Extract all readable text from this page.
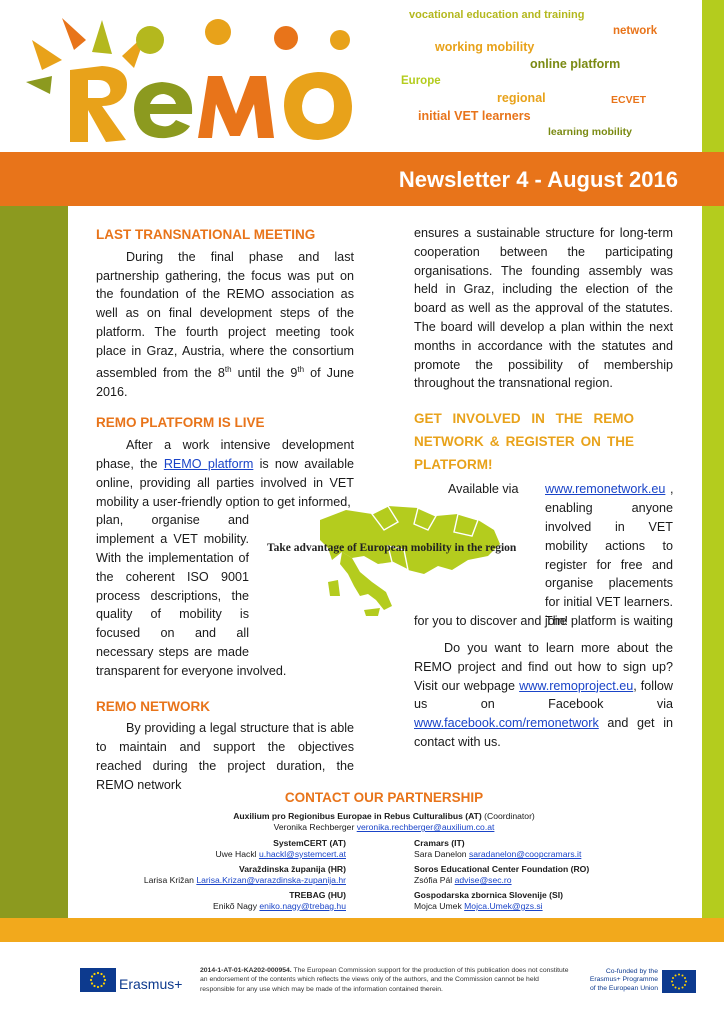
Newsletter 4 - August 2016
vocational education and training
network
working mobility
online platform
Europe
regional	ECVET
initial VET learners
learning mobility
LAST TRANSNATIONAL MEETING

During the final phase and last partnership gathering, the focus was put on the foundation of the REMO association as well as on final development steps of the platform. The fourth project meeting took place in Graz, Austria, where the consortium assembled from the 8th until the 9th of June 2016.

REMO PLATFORM IS LIVE

After a work intensive development phase, the REMO platform is now available online, providing all parties involved in VET mobility a user-friendly option to get informed,

plan, organise and
implement a VET mobility.
With the implementation of
the coherent ISO 9001
process descriptions, the
quality of mobility is
focused on and all
necessary steps are made
transparent for everyone involved.
REMO NETWORK

By providing a legal structure that is able to maintain and support the objectives reached during the project duration, the REMO network

Take advantage of European mobility in the region

ensures a sustainable structure for long-term cooperation between the participating organisations. The founding assembly was held in Graz, including the election of the board as well as the approval of the statutes. The board will develop a plan within the next months in accordance with the statutes and promote the possibility of membership throughout the transnational region.

GET INVOLVED IN THE REMO NETWORK & REGISTER ON THE PLATFORM!
Available via www.remonetwork.eu ,
enabling anyone
involved in VET
mobility actions to
register for free and
organise placements
for initial VET learners.
The platform is waiting
for you to discover and join!

Do you want to learn more about the REMO project and find out how to sign up? Visit our webpage www.remoproject.eu, follow us on Facebook via www.facebook.com/remonetwork and get in contact with us.

CONTACT OUR PARTNERSHIP
Auxilium pro Regionibus Europae in Rebus Culturalibus (AT) (Coordinator)
Veronika Rechberger veronika.rechberger@auxilium.co.at
SystemCERT (AT)
Uwe Hackl u.hackl@systemcert.at
Varaždinska županija (HR)
Larisa Križan Larisa.Krizan@varazdinska-zupanija.hr
TREBAG (HU)
Enikõ Nagy eniko.nagy@trebag.hu
Cramars (IT)
Sara Danelon saradanelon@coopcramars.it
Soros Educational Center Foundation (RO)
Zsófia Pál advise@sec.ro
Gospodarska zbornica Slovenije (SI)
Mojca Umek Mojca.Umek@gzs.si
Erasmus+
2014-1-AT-01-KA202-000954. The European Commission support for the production of this publication does not constitute an endorsement of the contents which reflects the views only of the authors, and the Commission cannot be held responsible for any use which may be made of the information contained therein.
Co-funded by the
Erasmus+ Programme
of the European Union
